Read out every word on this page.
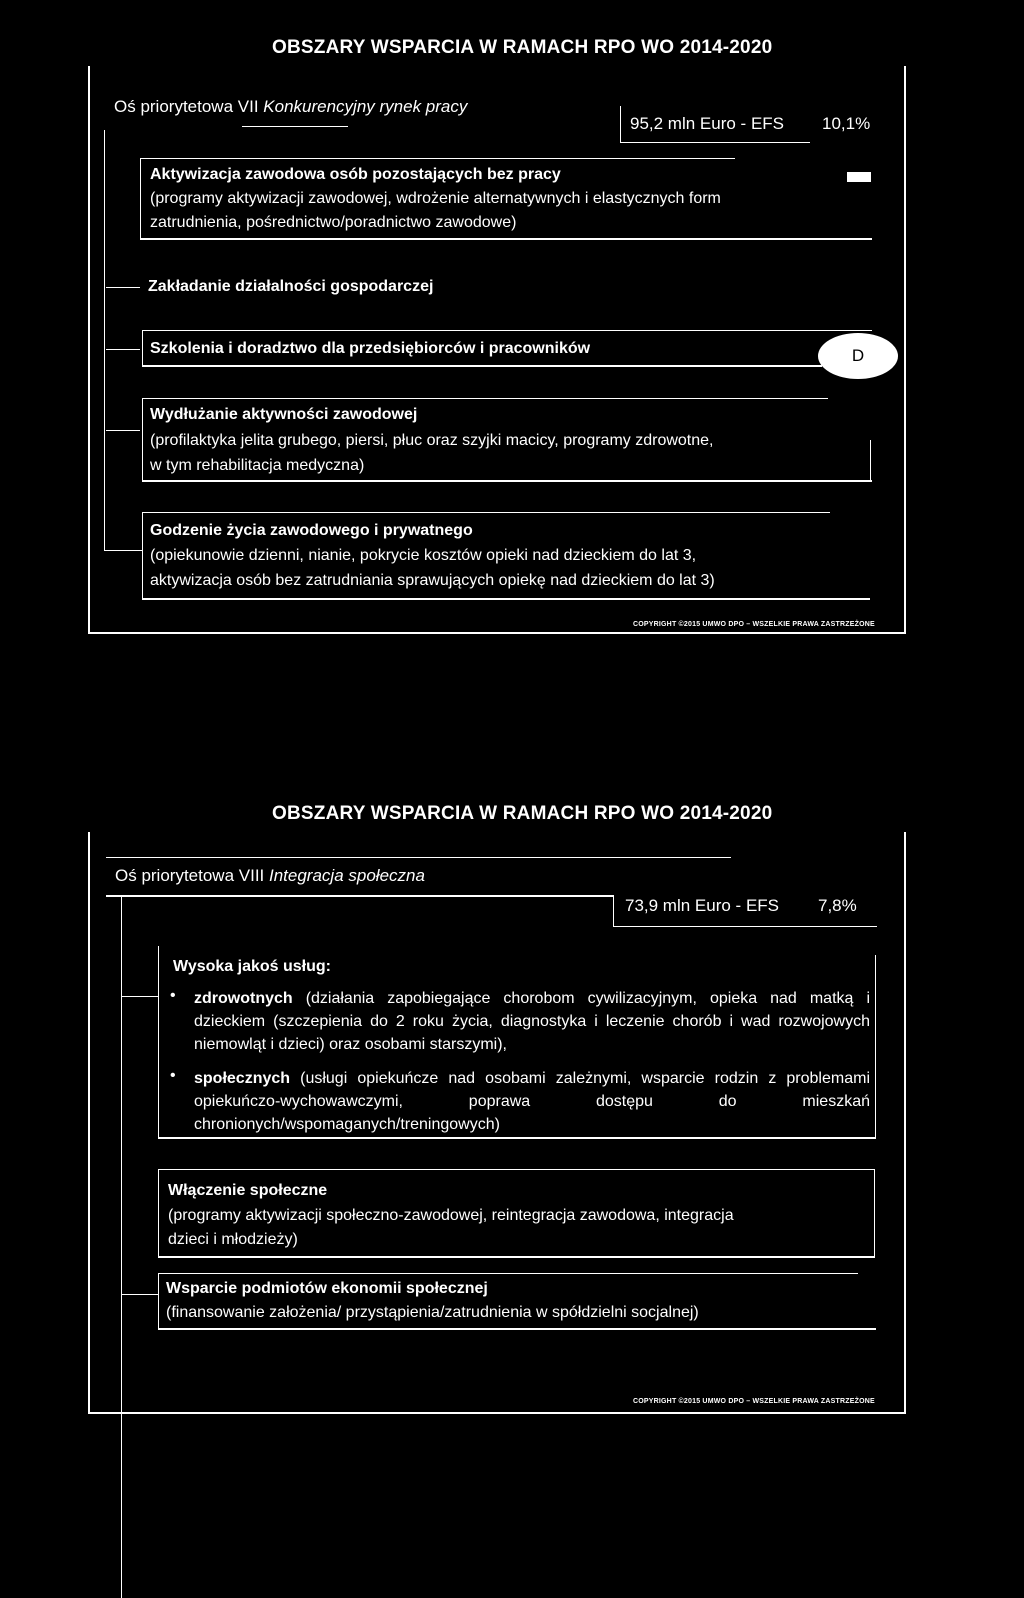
OBSZARY WSPARCIA W RAMACH RPO WO 2014-2020
Oś priorytetowa VII Konkurencyjny rynek pracy
95,2 mln Euro - EFS 10,1%
Aktywizacja zawodowa osób pozostających bez pracy
(programy aktywizacji zawodowej, wdrożenie alternatywnych i elastycznych form
zatrudnienia, pośrednictwo/poradnictwo zawodowe)
Zakładanie działalności gospodarczej
Szkolenia i doradztwo dla przedsiębiorców i pracowników	D
Wydłużanie aktywności zawodowej
(profilaktyka jelita grubego, piersi, płuc oraz szyjki macicy, programy zdrowotne,
w tym rehabilitacja medyczna)
Godzenie życia zawodowego i prywatnego
(opiekunowie dzienni, nianie, pokrycie kosztów opieki nad dzieckiem do lat 3,
aktywizacja osób bez zatrudniania sprawujących opiekę nad dzieckiem do lat 3)
COPYRIGHT ©2015 UMWO DPO – WSZELKIE PRAWA ZASTRZEŻONE
OBSZARY WSPARCIA W RAMACH RPO WO 2014-2020
Oś priorytetowa VIII Integracja społeczna
73,9 mln Euro - EFS 7,8%
Wysoka jakoś usług:
• zdrowotnych (działania zapobiegające chorobom cywilizacyjnym, opieka nad matką i dzieckiem (szczepienia do 2 roku życia, diagnostyka i leczenie chorób i wad rozwojowych niemowląt i dzieci) oraz osobami starszymi),
• społecznych (usługi opiekuńcze nad osobami zależnymi, wsparcie rodzin z problemami opiekuńczo-wychowawczymi, poprawa dostępu do mieszkań chronionych/wspomaganych/treningowych)
Włączenie społeczne
(programy aktywizacji społeczno-zawodowej, reintegracja zawodowa, integracja
dzieci i młodzieży)
Wsparcie podmiotów ekonomii społecznej
(finansowanie założenia/ przystąpienia/zatrudnienia w spółdzielni socjalnej)
COPYRIGHT ©2015 UMWO DPO – WSZELKIE PRAWA ZASTRZEŻONE
